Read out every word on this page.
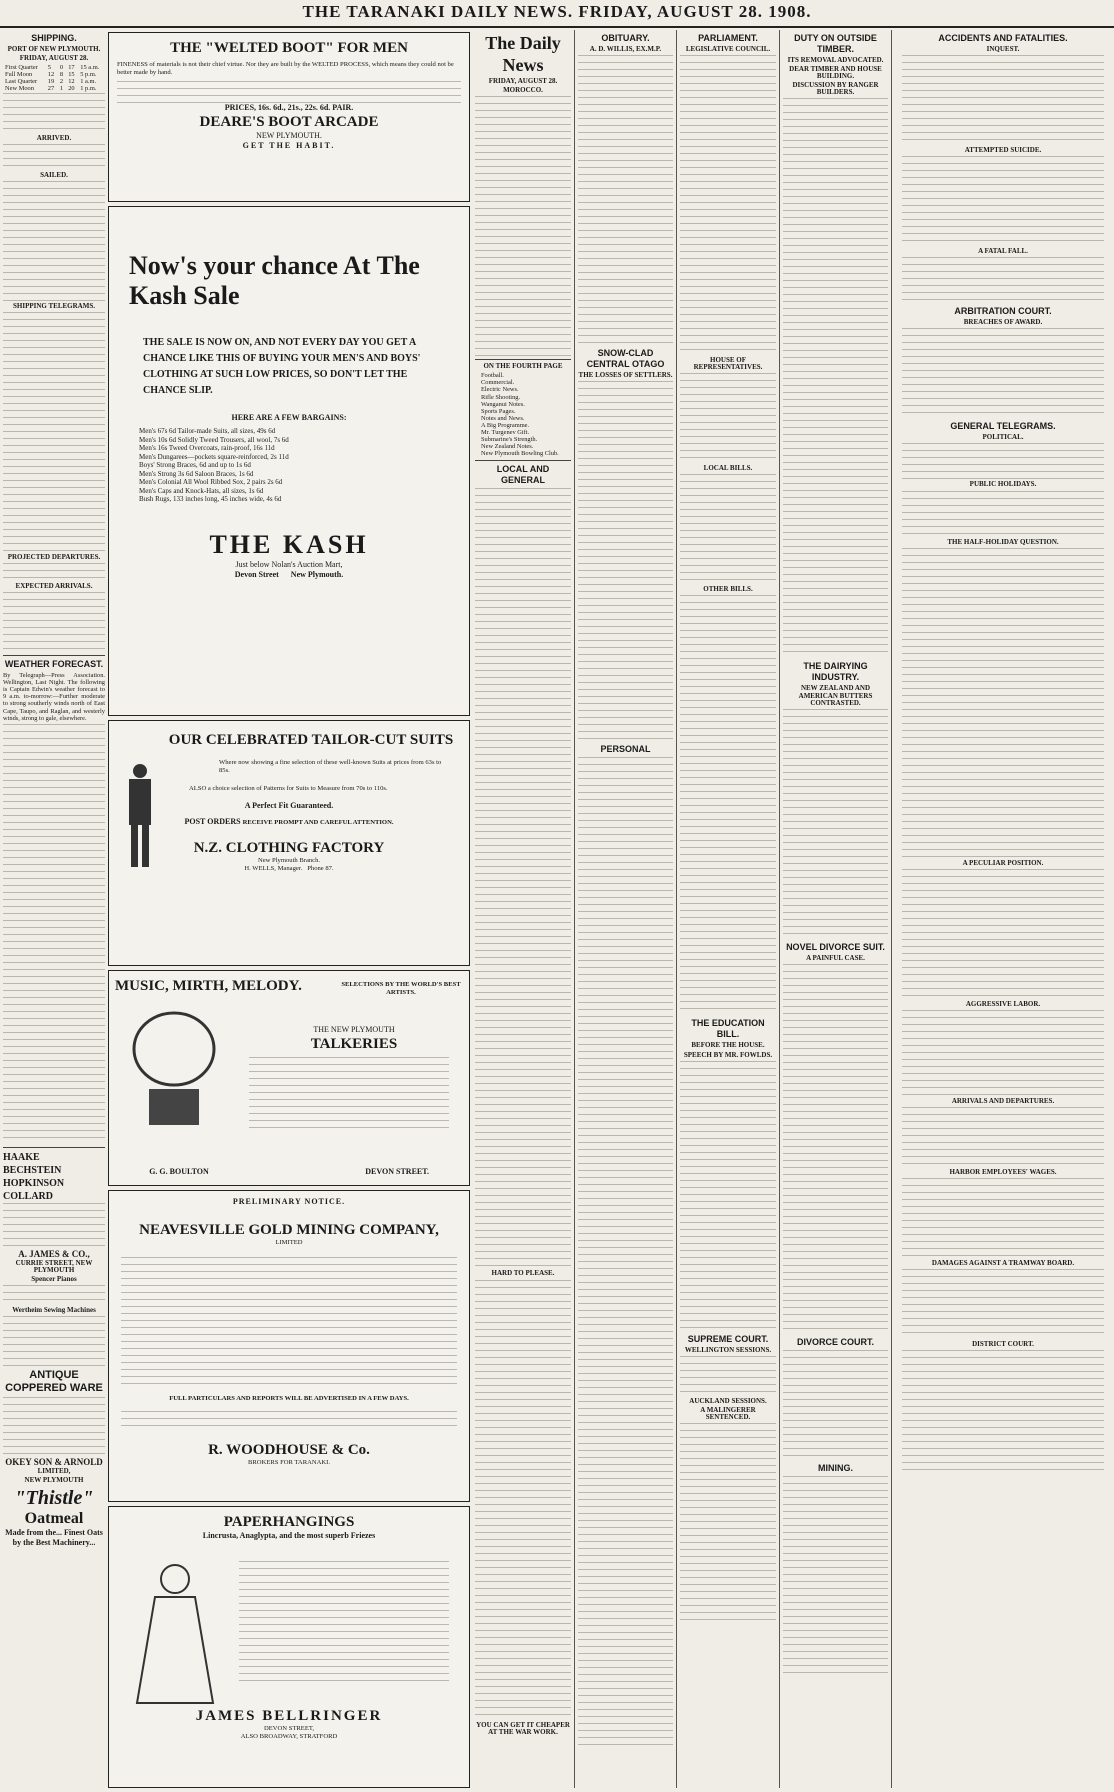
THE TARANAKI DAILY NEWS. FRIDAY, AUGUST 28. 1908.
SHIPPING.
PORT OF NEW PLYMOUTH.
FRIDAY, AUGUST 28.
First Quarter	5	0	17	15 a.m.
Full Moon	12	8	15	5 p.m.
Last Quarter	19	2	12	1 a.m.
New Moon	27	1	20	1 p.m.
ARRIVED.
SAILED.
SHIPPING TELEGRAMS.
PROJECTED DEPARTURES.
EXPECTED ARRIVALS.
WEATHER FORECAST.
By Telegraph—Press Association. Wellington, Last Night. The following is Captain Edwin's weather forecast to 9 a.m. to-morrow:—Further moderate to strong southerly winds north of East Cape, Taupo, and Raglan, and westerly winds, strong to gale, elsewhere.
HAAKE
BECHSTEIN
HOPKINSON
COLLARD
A. JAMES & CO.,
CURRIE STREET, NEW PLYMOUTH
Spencer Pianos
Wertheim Sewing Machines
ANTIQUE COPPERED WARE
OKEY SON & ARNOLD
LIMITED,
NEW PLYMOUTH
"Thistle"
Oatmeal
Made from the... Finest Oats by the Best Machinery...
THE "WELTED BOOT" FOR MEN
FINENESS of materials is not their chief virtue. Nor they are built by the WELTED PROCESS, which means they could not be better made by hand.
PRICES, 16s. 6d., 21s., 22s. 6d. PAIR.
DEARE'S BOOT ARCADE
NEW PLYMOUTH.
GET THE HABIT.
Now's your chance At The Kash Sale
THE SALE IS NOW ON, AND NOT EVERY DAY YOU GET A CHANCE LIKE THIS OF BUYING YOUR MEN'S AND BOYS' CLOTHING AT SUCH LOW PRICES, SO DON'T LET THE CHANCE SLIP.
HERE ARE A FEW BARGAINS:
Men's 67s 6d Tailor-made Suits, all sizes, 49s 6d
Men's 10s 6d Solidly Tweed Trousers, all wool, 7s 6d
Men's 16s Tweed Overcoats, rain-proof, 16s 11d
Men's Dungarees—pockets square-reinforced, 2s 11d
Boys' Strong Braces, 6d and up to 1s 6d
Men's Strong 3s 6d Saloon Braces, 1s 6d
Men's Colonial All Wool Ribbed Sox, 2 pairs 2s 6d
Men's Caps and Knock-Hats, all sizes, 1s 6d
Bush Rugs, 133 inches long, 45 inches wide, 4s 6d
THE KASH
Just below Nolan's Auction Mart,
Devon Street New Plymouth.
OUR CELEBRATED TAILOR-CUT SUITS
Where now showing a fine selection of these well-known Suits at prices from 63s to 85s.
ALSO a choice selection of Patterns for Suits to Measure from 70s to 110s.
A Perfect Fit Guaranteed.
POST ORDERS RECEIVE PROMPT AND CAREFUL ATTENTION.
N.Z. CLOTHING FACTORY
New Plymouth Branch.
H. WELLS, Manager. Phone 87.
MUSIC, MIRTH, MELODY.	SELECTIONS BY THE WORLD'S BEST ARTISTS.
THE NEW PLYMOUTH
TALKERIES
G. G. BOULTON	DEVON STREET.
PRELIMINARY NOTICE.
NEAVESVILLE GOLD MINING COMPANY,
LIMITED
FULL PARTICULARS AND REPORTS WILL BE ADVERTISED IN A FEW DAYS.
R. WOODHOUSE & Co.
BROKERS FOR TARANAKI.
PAPERHANGINGS
Lincrusta, Anaglypta, and the most superb Friezes
JAMES BELLRINGER
DEVON STREET,
ALSO BROADWAY, STRATFORD
The Daily News
FRIDAY, AUGUST 28.
MOROCCO.
ON THE FOURTH PAGE
Football.
Commercial.
Electric News.
Rifle Shooting.
Wanganui Notes.
Sports Pages.
Notes and News.
A Big Programme.
Mr. Turgenev Gift.
Submarine's Strength.
New Zealand Notes.
New Plymouth Bowling Club.
LOCAL AND GENERAL
HARD TO PLEASE.
YOU CAN GET IT CHEAPER AT THE WAR WORK.
OBITUARY.
A. D. WILLIS, EX.M.P.
SNOW-CLAD CENTRAL OTAGO
THE LOSSES OF SETTLERS.
PERSONAL
PARLIAMENT.
LEGISLATIVE COUNCIL.
HOUSE OF REPRESENTATIVES.
LOCAL BILLS.
OTHER BILLS.
THE EDUCATION BILL.
BEFORE THE HOUSE.
SPEECH BY MR. FOWLDS.
SUPREME COURT.
WELLINGTON SESSIONS.
AUCKLAND SESSIONS.
A MALINGERER SENTENCED.
DUTY ON OUTSIDE TIMBER.
ITS REMOVAL ADVOCATED.
DEAR TIMBER AND HOUSE BUILDING.
DISCUSSION BY RANGER BUILDERS.
THE DAIRYING INDUSTRY.
NEW ZEALAND AND AMERICAN BUTTERS CONTRASTED.
NOVEL DIVORCE SUIT.
A PAINFUL CASE.
DIVORCE COURT.
MINING.
ACCIDENTS AND FATALITIES.
INQUEST.
ATTEMPTED SUICIDE.
A FATAL FALL.
ARBITRATION COURT.
BREACHES OF AWARD.
GENERAL TELEGRAMS.
POLITICAL.
PUBLIC HOLIDAYS.
THE HALF-HOLIDAY QUESTION.
A PECULIAR POSITION.
AGGRESSIVE LABOR.
ARRIVALS AND DEPARTURES.
HARBOR EMPLOYEES' WAGES.
DAMAGES AGAINST A TRAMWAY BOARD.
DISTRICT COURT.
